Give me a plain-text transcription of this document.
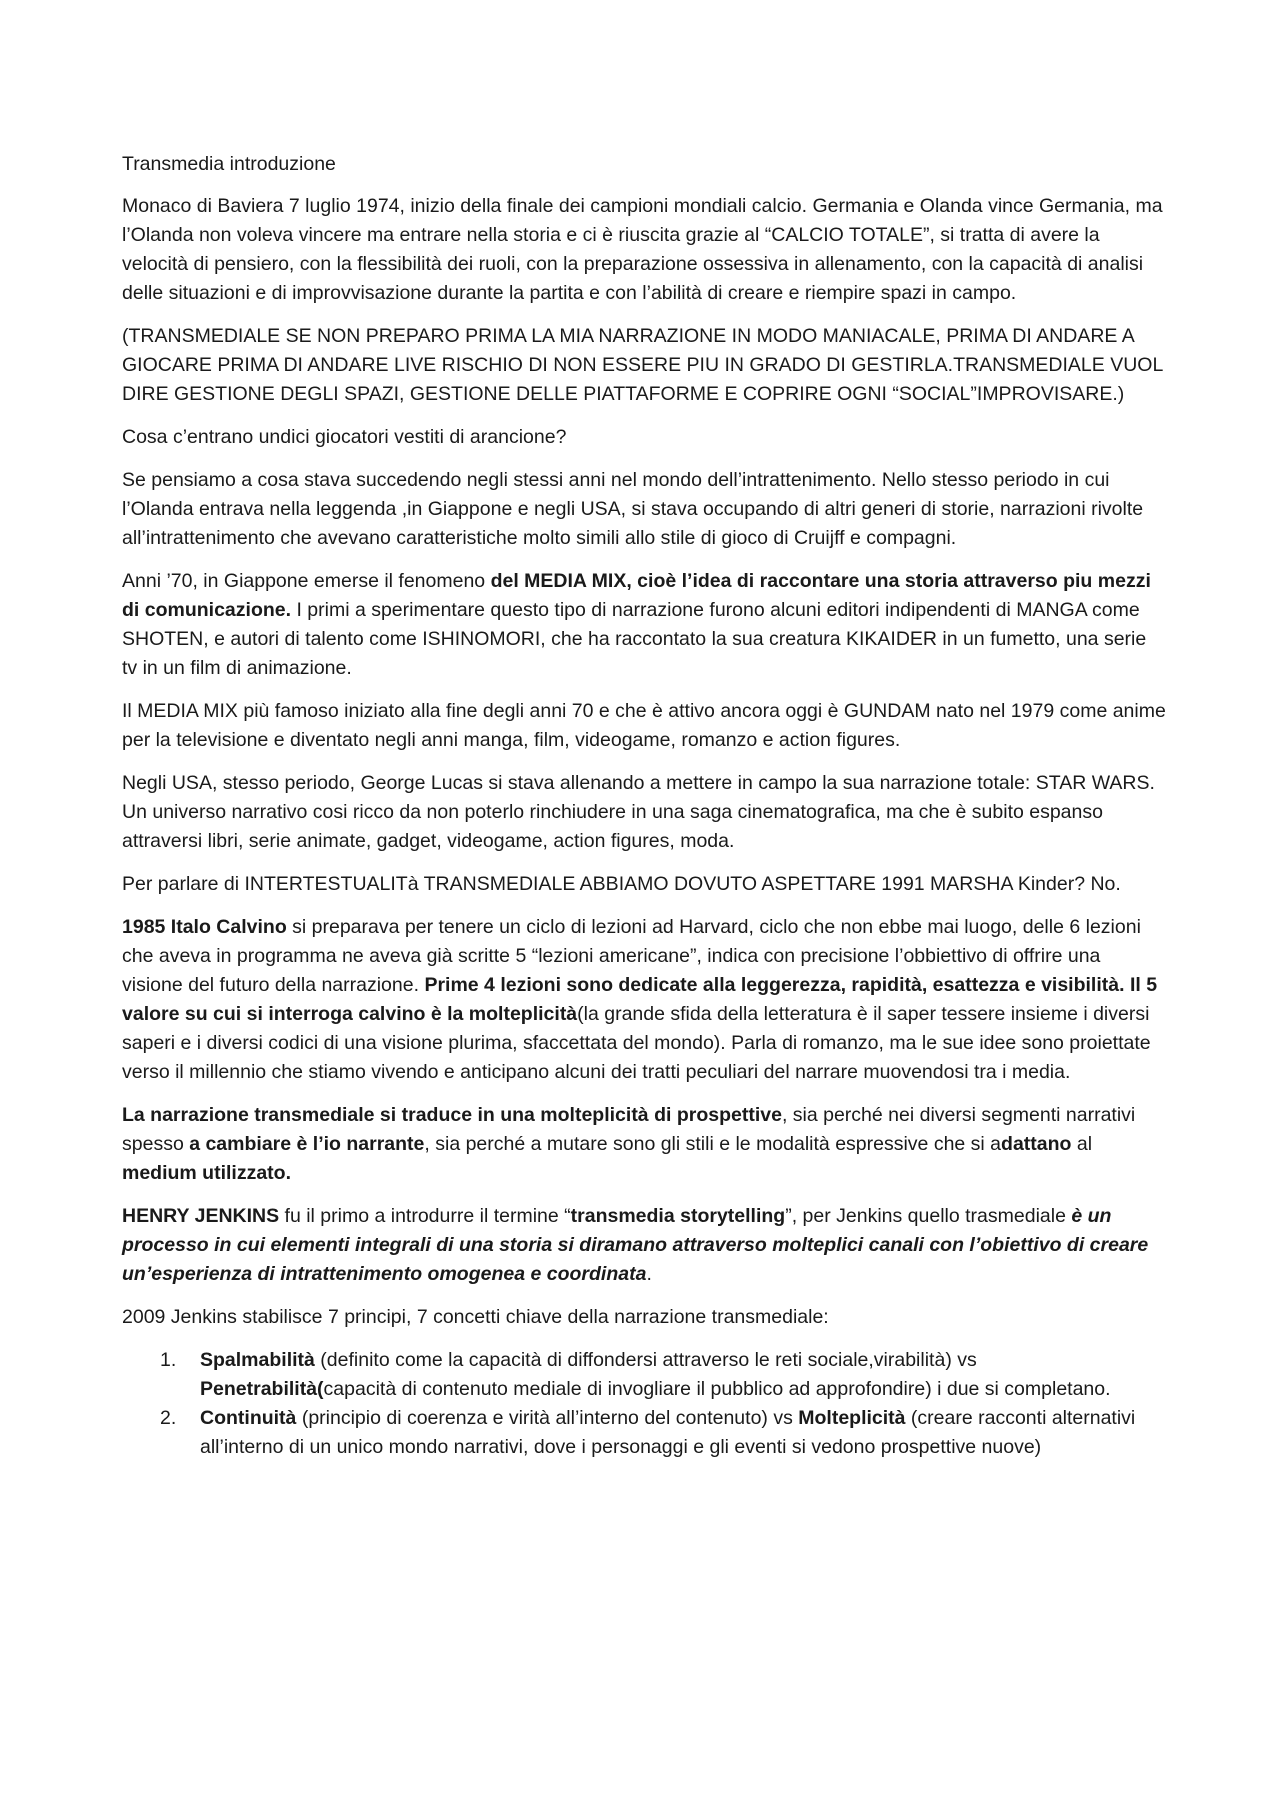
Transmedia introduzione

Monaco di Baviera 7 luglio 1974, inizio della finale dei campioni mondiali calcio. Germania e Olanda vince Germania, ma l’Olanda non voleva vincere ma entrare nella storia e ci è riuscita grazie al “CALCIO TOTALE”, si tratta di avere la velocità di pensiero, con la flessibilità dei ruoli, con la preparazione ossessiva in allenamento, con la capacità di analisi delle situazioni e di improvvisazione durante la partita e con l’abilità di creare e riempire spazi in campo.

(TRANSMEDIALE SE NON PREPARO PRIMA LA MIA NARRAZIONE IN MODO MANIACALE, PRIMA DI ANDARE A GIOCARE PRIMA DI ANDARE LIVE RISCHIO DI NON ESSERE PIU IN GRADO DI GESTIRLA.TRANSMEDIALE VUOL DIRE GESTIONE DEGLI SPAZI, GESTIONE DELLE PIATTAFORME E COPRIRE OGNI “SOCIAL”IMPROVISARE.)

Cosa c’entrano undici giocatori vestiti di arancione?

Se pensiamo a cosa stava succedendo negli stessi anni nel mondo dell’intrattenimento. Nello stesso periodo in cui l’Olanda entrava nella leggenda ,in Giappone e negli USA, si stava occupando di altri generi di storie, narrazioni rivolte all’intrattenimento che avevano caratteristiche molto simili allo stile di gioco di Cruijff e compagni.

Anni ’70, in Giappone emerse il fenomeno del MEDIA MIX, cioè l’idea di raccontare una storia attraverso piu mezzi di comunicazione. I primi a sperimentare questo tipo di narrazione furono alcuni editori indipendenti di MANGA come SHOTEN, e autori di talento come ISHINOMORI, che ha raccontato la sua creatura KIKAIDER in un fumetto, una serie tv in un film di animazione.

Il MEDIA MIX più famoso iniziato alla fine degli anni 70 e che è attivo ancora oggi è GUNDAM nato nel 1979 come anime per la televisione e diventato negli anni manga, film, videogame, romanzo e action figures.

Negli USA, stesso periodo, George Lucas si stava allenando a mettere in campo la sua narrazione totale: STAR WARS. Un universo narrativo cosi ricco da non poterlo rinchiudere in una saga cinematografica, ma che è subito espanso attraversi libri, serie animate, gadget, videogame, action figures, moda.

Per parlare di INTERTESTUALITà TRANSMEDIALE ABBIAMO DOVUTO ASPETTARE 1991 MARSHA Kinder? No.

1985 Italo Calvino si preparava per tenere un ciclo di lezioni ad Harvard, ciclo che non ebbe mai luogo, delle 6 lezioni che aveva in programma ne aveva già scritte 5 “lezioni americane”, indica con precisione l’obbiettivo di offrire una visione del futuro della narrazione. Prime 4 lezioni sono dedicate alla leggerezza, rapidità, esattezza e visibilità. Il 5 valore su cui si interroga calvino è la molteplicità(la grande sfida della letteratura è il saper tessere insieme i diversi saperi e i diversi codici di una visione plurima, sfaccettata del mondo). Parla di romanzo, ma le sue idee sono proiettate verso il millennio che stiamo vivendo e anticipano alcuni dei tratti peculiari del narrare muovendosi tra i media.

La narrazione transmediale si traduce in una molteplicità di prospettive, sia perché nei diversi segmenti narrativi spesso a cambiare è l’io narrante, sia perché a mutare sono gli stili e le modalità espressive che si adattano al medium utilizzato.

HENRY JENKINS fu il primo a introdurre il termine “transmedia storytelling”, per Jenkins quello trasmediale è un processo in cui elementi integrali di una storia si diramano attraverso molteplici canali con l’obiettivo di creare un’esperienza di intrattenimento omogenea e coordinata.

2009 Jenkins stabilisce 7 principi, 7 concetti chiave della narrazione transmediale:

1. Spalmabilità (definito come la capacità di diffondersi attraverso le reti sociale,virabilità) vs Penetrabilità(capacità di contenuto mediale di invogliare il pubblico ad approfondire) i due si completano.
2. Continuità (principio di coerenza e virità all’interno del contenuto) vs Molteplicità (creare racconti alternativi all’interno di un unico mondo narrativi, dove i personaggi e gli eventi si vedono prospettive nuove)
